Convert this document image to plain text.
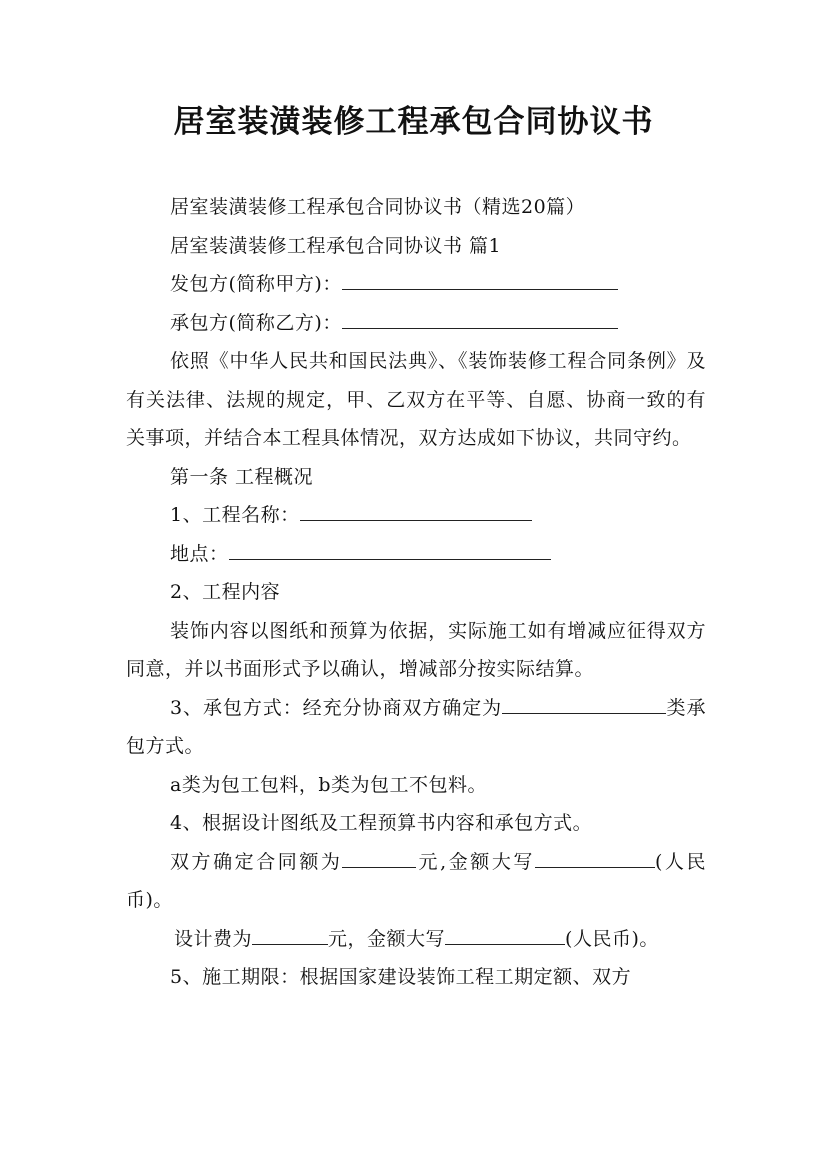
居室装潢装修工程承包合同协议书

居室装潢装修工程承包合同协议书（精选20篇）

居室装潢装修工程承包合同协议书 篇1

发包方(简称甲方)：

承包方(简称乙方)：

依照《中华人民共和国民法典》、《装饰装修工程合同条例》及有关法律、法规的规定，甲、乙双方在平等、自愿、协商一致的有关事项，并结合本工程具体情况，双方达成如下协议，共同守约。

第一条 工程概况

1、工程名称：

地点：

2、工程内容

装饰内容以图纸和预算为依据，实际施工如有增减应征得双方同意，并以书面形式予以确认，增减部分按实际结算。

3、承包方式：经充分协商双方确定为	类承包方式。

a类为包工包料，b类为包工不包料。

4、根据设计图纸及工程预算书内容和承包方式。

双方确定合同额为	元,金额大写	(人民币)。

设计费为	元，金额大写	(人民币)。

5、施工期限：根据国家建设装饰工程工期定额、双方
